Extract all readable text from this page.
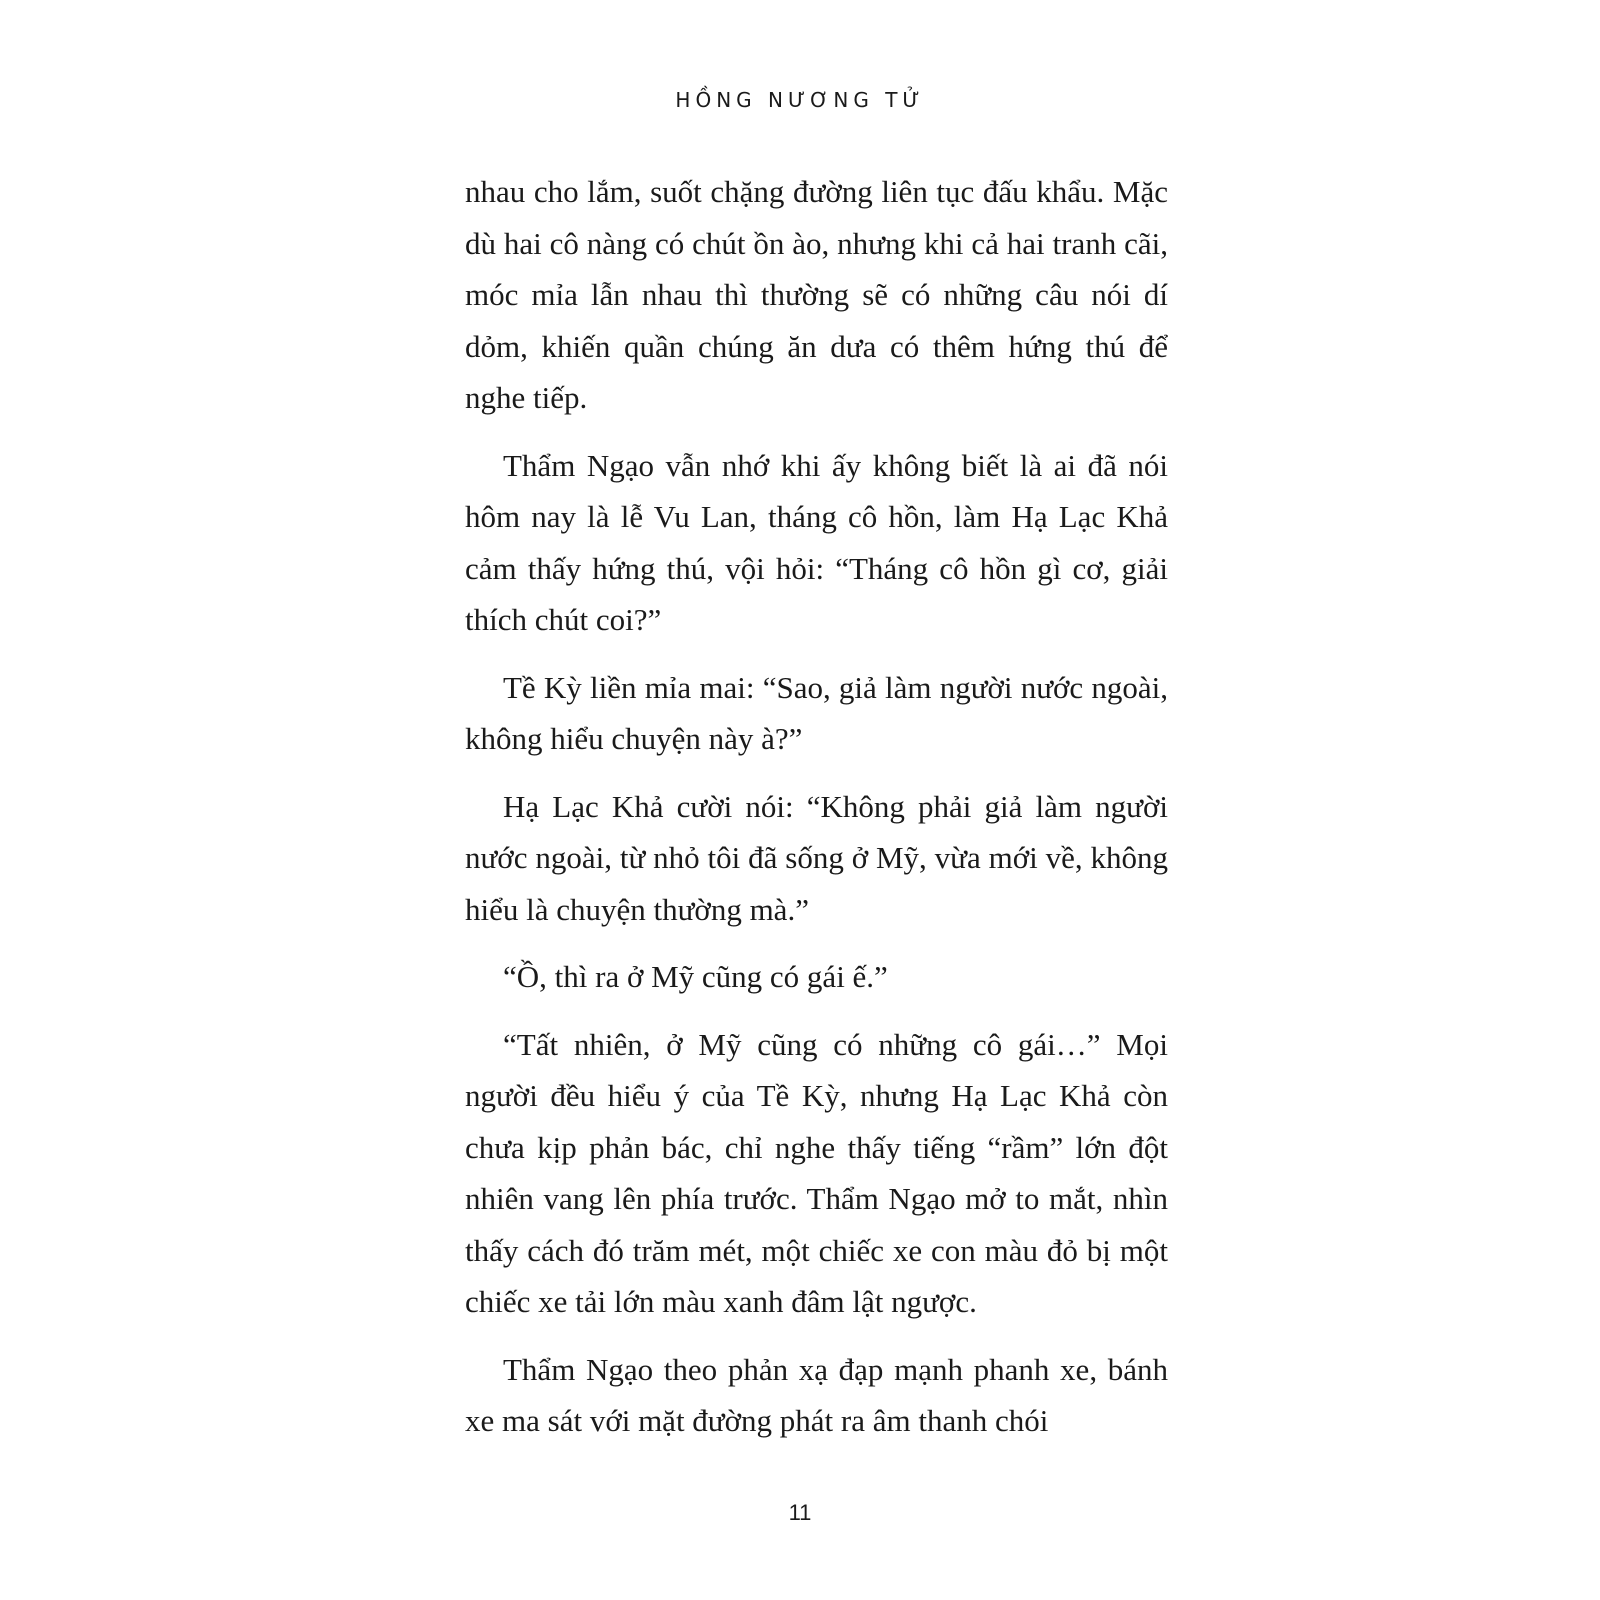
HỒNG NƯƠNG TỬ

nhau cho lắm, suốt chặng đường liên tục đấu khẩu. Mặc dù hai cô nàng có chút ồn ào, nhưng khi cả hai tranh cãi, móc mỉa lẫn nhau thì thường sẽ có những câu nói dí dỏm, khiến quần chúng ăn dưa có thêm hứng thú để nghe tiếp.

Thẩm Ngạo vẫn nhớ khi ấy không biết là ai đã nói hôm nay là lễ Vu Lan, tháng cô hồn, làm Hạ Lạc Khả cảm thấy hứng thú, vội hỏi: “Tháng cô hồn gì cơ, giải thích chút coi?”

Tề Kỳ liền mỉa mai: “Sao, giả làm người nước ngoài, không hiểu chuyện này à?”

Hạ Lạc Khả cười nói: “Không phải giả làm người nước ngoài, từ nhỏ tôi đã sống ở Mỹ, vừa mới về, không hiểu là chuyện thường mà.”

“Ồ, thì ra ở Mỹ cũng có gái ế.”

“Tất nhiên, ở Mỹ cũng có những cô gái…” Mọi người đều hiểu ý của Tề Kỳ, nhưng Hạ Lạc Khả còn chưa kịp phản bác, chỉ nghe thấy tiếng “rầm” lớn đột nhiên vang lên phía trước. Thẩm Ngạo mở to mắt, nhìn thấy cách đó trăm mét, một chiếc xe con màu đỏ bị một chiếc xe tải lớn màu xanh đâm lật ngược.

Thẩm Ngạo theo phản xạ đạp mạnh phanh xe, bánh xe ma sát với mặt đường phát ra âm thanh chói

11
